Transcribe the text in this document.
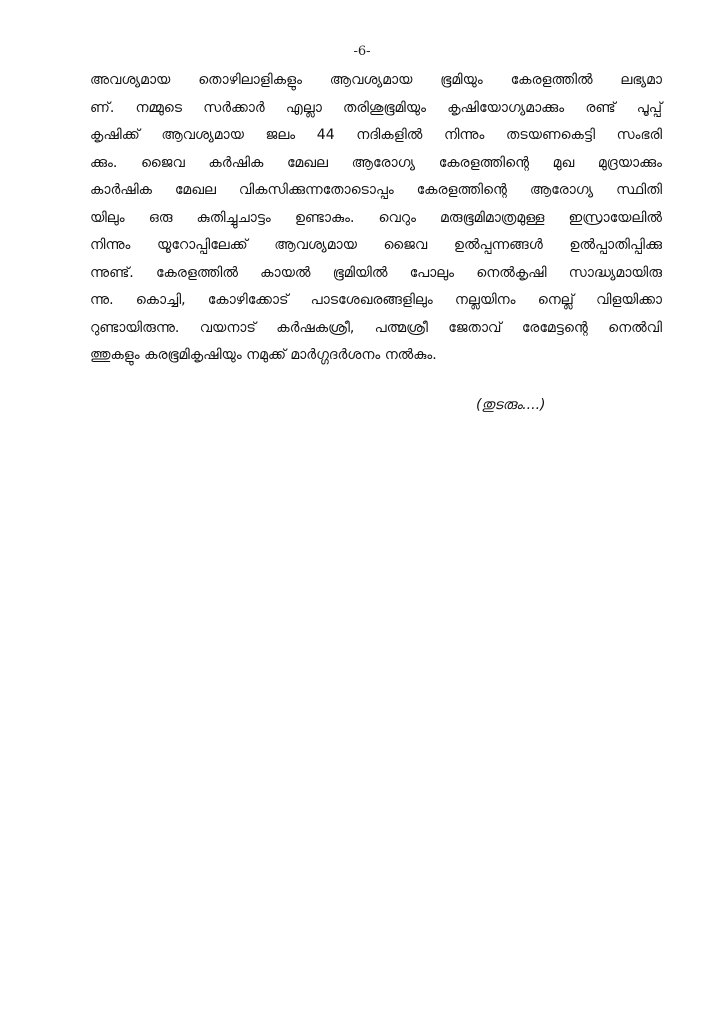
-6-
അവശ്യമായ തൊഴിലാളികളും ആവശ്യമായ ഭൂമിയും കേരളത്തിൽ ലഭ്യമാ
ണ്. നമ്മുടെ സർക്കാർ എല്ലാ തരിശുഭൂമിയും കൃഷിയോഗ്യമാക്കും രണ്ട് പൂപ്പ്
കൃഷിക്ക് ആവശ്യമായ ജലം 44 നദികളിൽ നിന്നും തടയണകെട്ടി സംഭരി
ക്കും. ജൈവ കർഷിക മേഖല ആരോഗ്യ കേരളത്തിന്റെ മുഖ മുദ്രയാക്കും
കാർഷിക മേഖല വികസിക്കുന്നതോടൊപ്പം കേരളത്തിന്റെ ആരോഗ്യ സ്ഥിതി
യിലും ഒരു കുതിച്ചുചാട്ടം ഉണ്ടാകും. വെറും മരുഭൂമിമാത്രമുള്ള ഇസ്രായേലിൽ
നിന്നും യൂറോപ്പിലേക്ക് ആവശ്യമായ ജൈവ ഉൽപ്പന്നങ്ങൾ ഉൽപ്പാതിപ്പിക്കു
ന്നുണ്ട്. കേരളത്തിൽ കായൽ ഭൂമിയിൽ പോലും നെൽകൃഷി സാദ്ധ്യമായിരു
ന്നു. കൊച്ചി, കോഴിക്കോട് പാടശേഖരങ്ങളിലും നല്ലയിനം നെല്ല് വിളയിക്കാ
റുണ്ടായിരുന്നു. വയനാട് കർഷകശ്രീ, പത്മശ്രീ ജേതാവ് രേമേട്ടന്റെ നെൽവി
ത്തുകളും കരഭൂമികൃഷിയും നമുക്ക് മാർഗ്ഗദർശനം നൽകും.
(തുടരും....)
